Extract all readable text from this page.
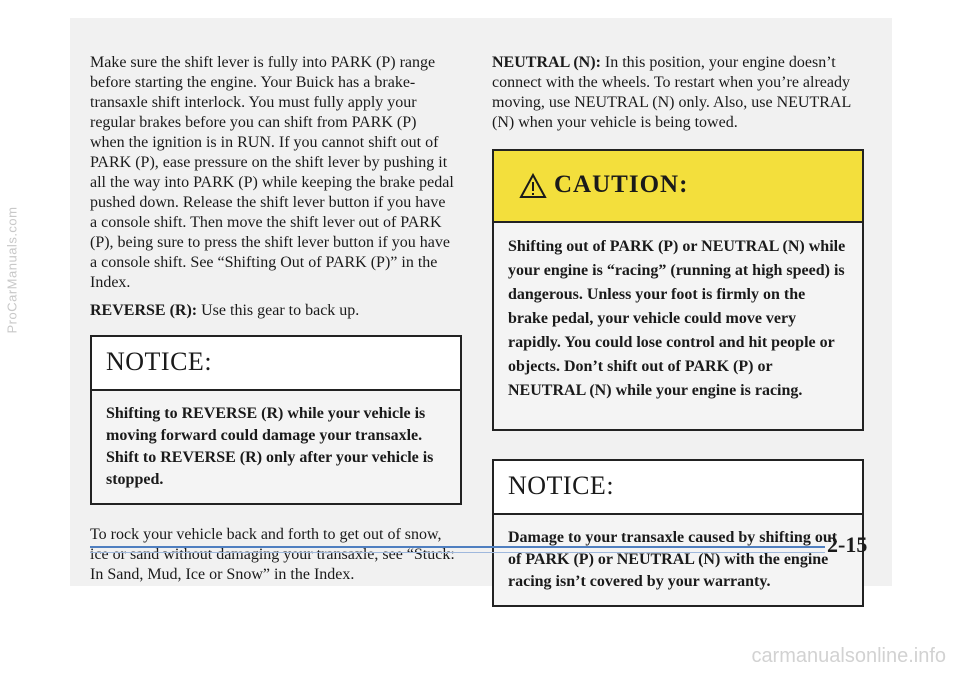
Make sure the shift lever is fully into PARK (P) range before starting the engine. Your Buick has a brake-transaxle shift interlock. You must fully apply your regular brakes before you can shift from PARK (P) when the ignition is in RUN. If you cannot shift out of PARK (P), ease pressure on the shift lever by pushing it all the way into PARK (P) while keeping the brake pedal pushed down. Release the shift lever button if you have a console shift. Then move the shift lever out of PARK (P), being sure to press the shift lever button if you have a console shift. See “Shifting Out of PARK (P)” in the Index.

REVERSE (R): Use this gear to back up.

NOTICE:
Shifting to REVERSE (R) while your vehicle is moving forward could damage your transaxle. Shift to REVERSE (R) only after your vehicle is stopped.

To rock your vehicle back and forth to get out of snow, ice or sand without damaging your transaxle, see “Stuck: In Sand, Mud, Ice or Snow” in the Index.

NEUTRAL (N): In this position, your engine doesn’t connect with the wheels. To restart when you’re already moving, use NEUTRAL (N) only. Also, use NEUTRAL (N) when your vehicle is being towed.

CAUTION:
Shifting out of PARK (P) or NEUTRAL (N) while your engine is “racing” (running at high speed) is dangerous. Unless your foot is firmly on the brake pedal, your vehicle could move very rapidly. You could lose control and hit people or objects. Don’t shift out of PARK (P) or NEUTRAL (N) while your engine is racing.
NOTICE:
Damage to your transaxle caused by shifting out of PARK (P) or NEUTRAL (N) with the engine racing isn’t covered by your warranty.
2-15
ProCarManuals.com
carmanualsonline.info
